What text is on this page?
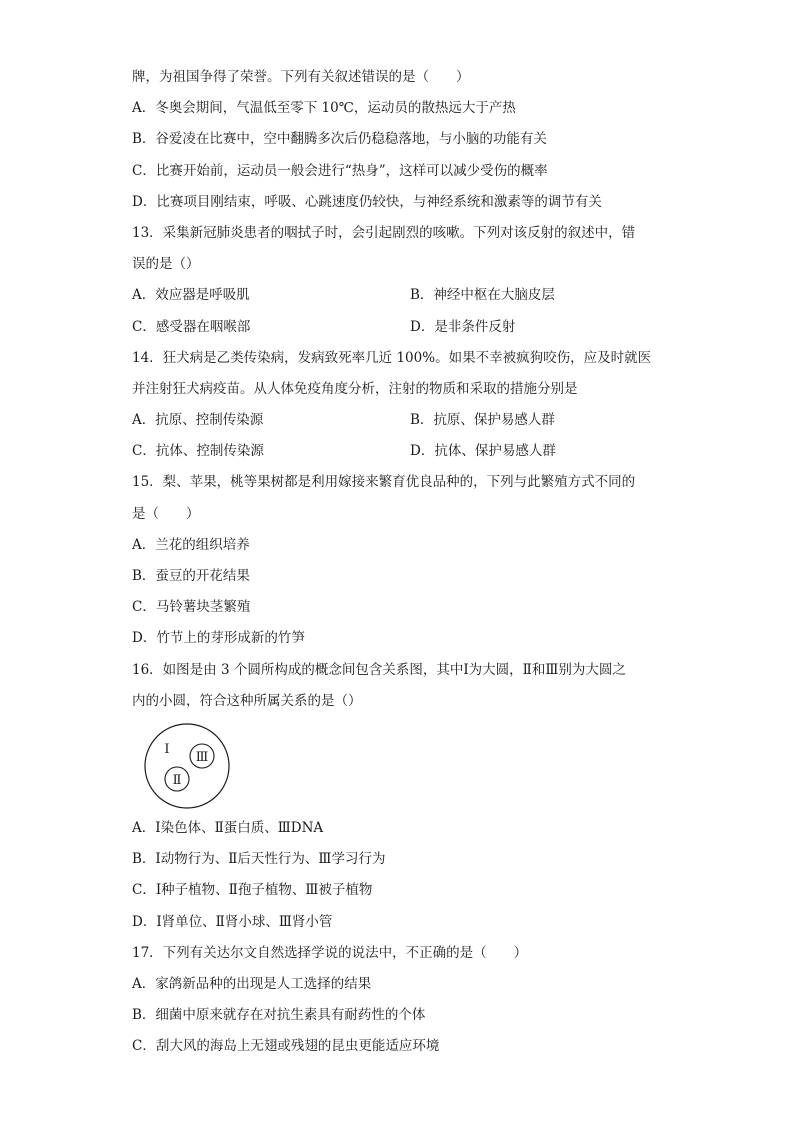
牌，为祖国争得了荣誉。下列有关叙述错误的是（　　）
A．冬奥会期间，气温低至零下 10℃，运动员的散热远大于产热
B．谷爱凌在比赛中，空中翻腾多次后仍稳稳落地，与小脑的功能有关
C．比赛开始前，运动员一般会进行“热身”，这样可以减少受伤的概率
D．比赛项目刚结束，呼吸、心跳速度仍较快，与神经系统和激素等的调节有关
13．采集新冠肺炎患者的咽拭子时，会引起剧烈的咳嗽。下列对该反射的叙述中，错
误的是（）
A．效应器是呼吸肌	B．神经中枢在大脑皮层
C．感受器在咽喉部	D．是非条件反射
14．狂犬病是乙类传染病，发病致死率几近 100%。如果不幸被疯狗咬伤，应及时就医
并注射狂犬病疫苗。从人体免疫角度分析，注射的物质和采取的措施分别是
A．抗原、控制传染源	B．抗原、保护易感人群
C．抗体、控制传染源	D．抗体、保护易感人群
15．梨、苹果，桃等果树都是利用嫁接来繁育优良品种的，下列与此繁殖方式不同的
是（　　）
A．兰花的组织培养
B．蚕豆的开花结果
C．马铃薯块茎繁殖
D．竹节上的芽形成新的竹笋
16．如图是由 3 个圆所构成的概念间包含关系图，其中Ⅰ为大圆，Ⅱ和Ⅲ别为大圆之
内的小圆，符合这种所属关系的是（）
Ⅰ
Ⅲ
Ⅱ
A．Ⅰ染色体、Ⅱ蛋白质、ⅢDNA
B．Ⅰ动物行为、Ⅱ后天性行为、Ⅲ学习行为
C．Ⅰ种子植物、Ⅱ孢子植物、Ⅲ被子植物
D．Ⅰ肾单位、Ⅱ肾小球、Ⅲ肾小管
17．下列有关达尔文自然选择学说的说法中，不正确的是（　　）
A．家鸽新品种的出现是人工选择的结果
B．细菌中原来就存在对抗生素具有耐药性的个体
C．刮大风的海岛上无翅或残翅的昆虫更能适应环境
